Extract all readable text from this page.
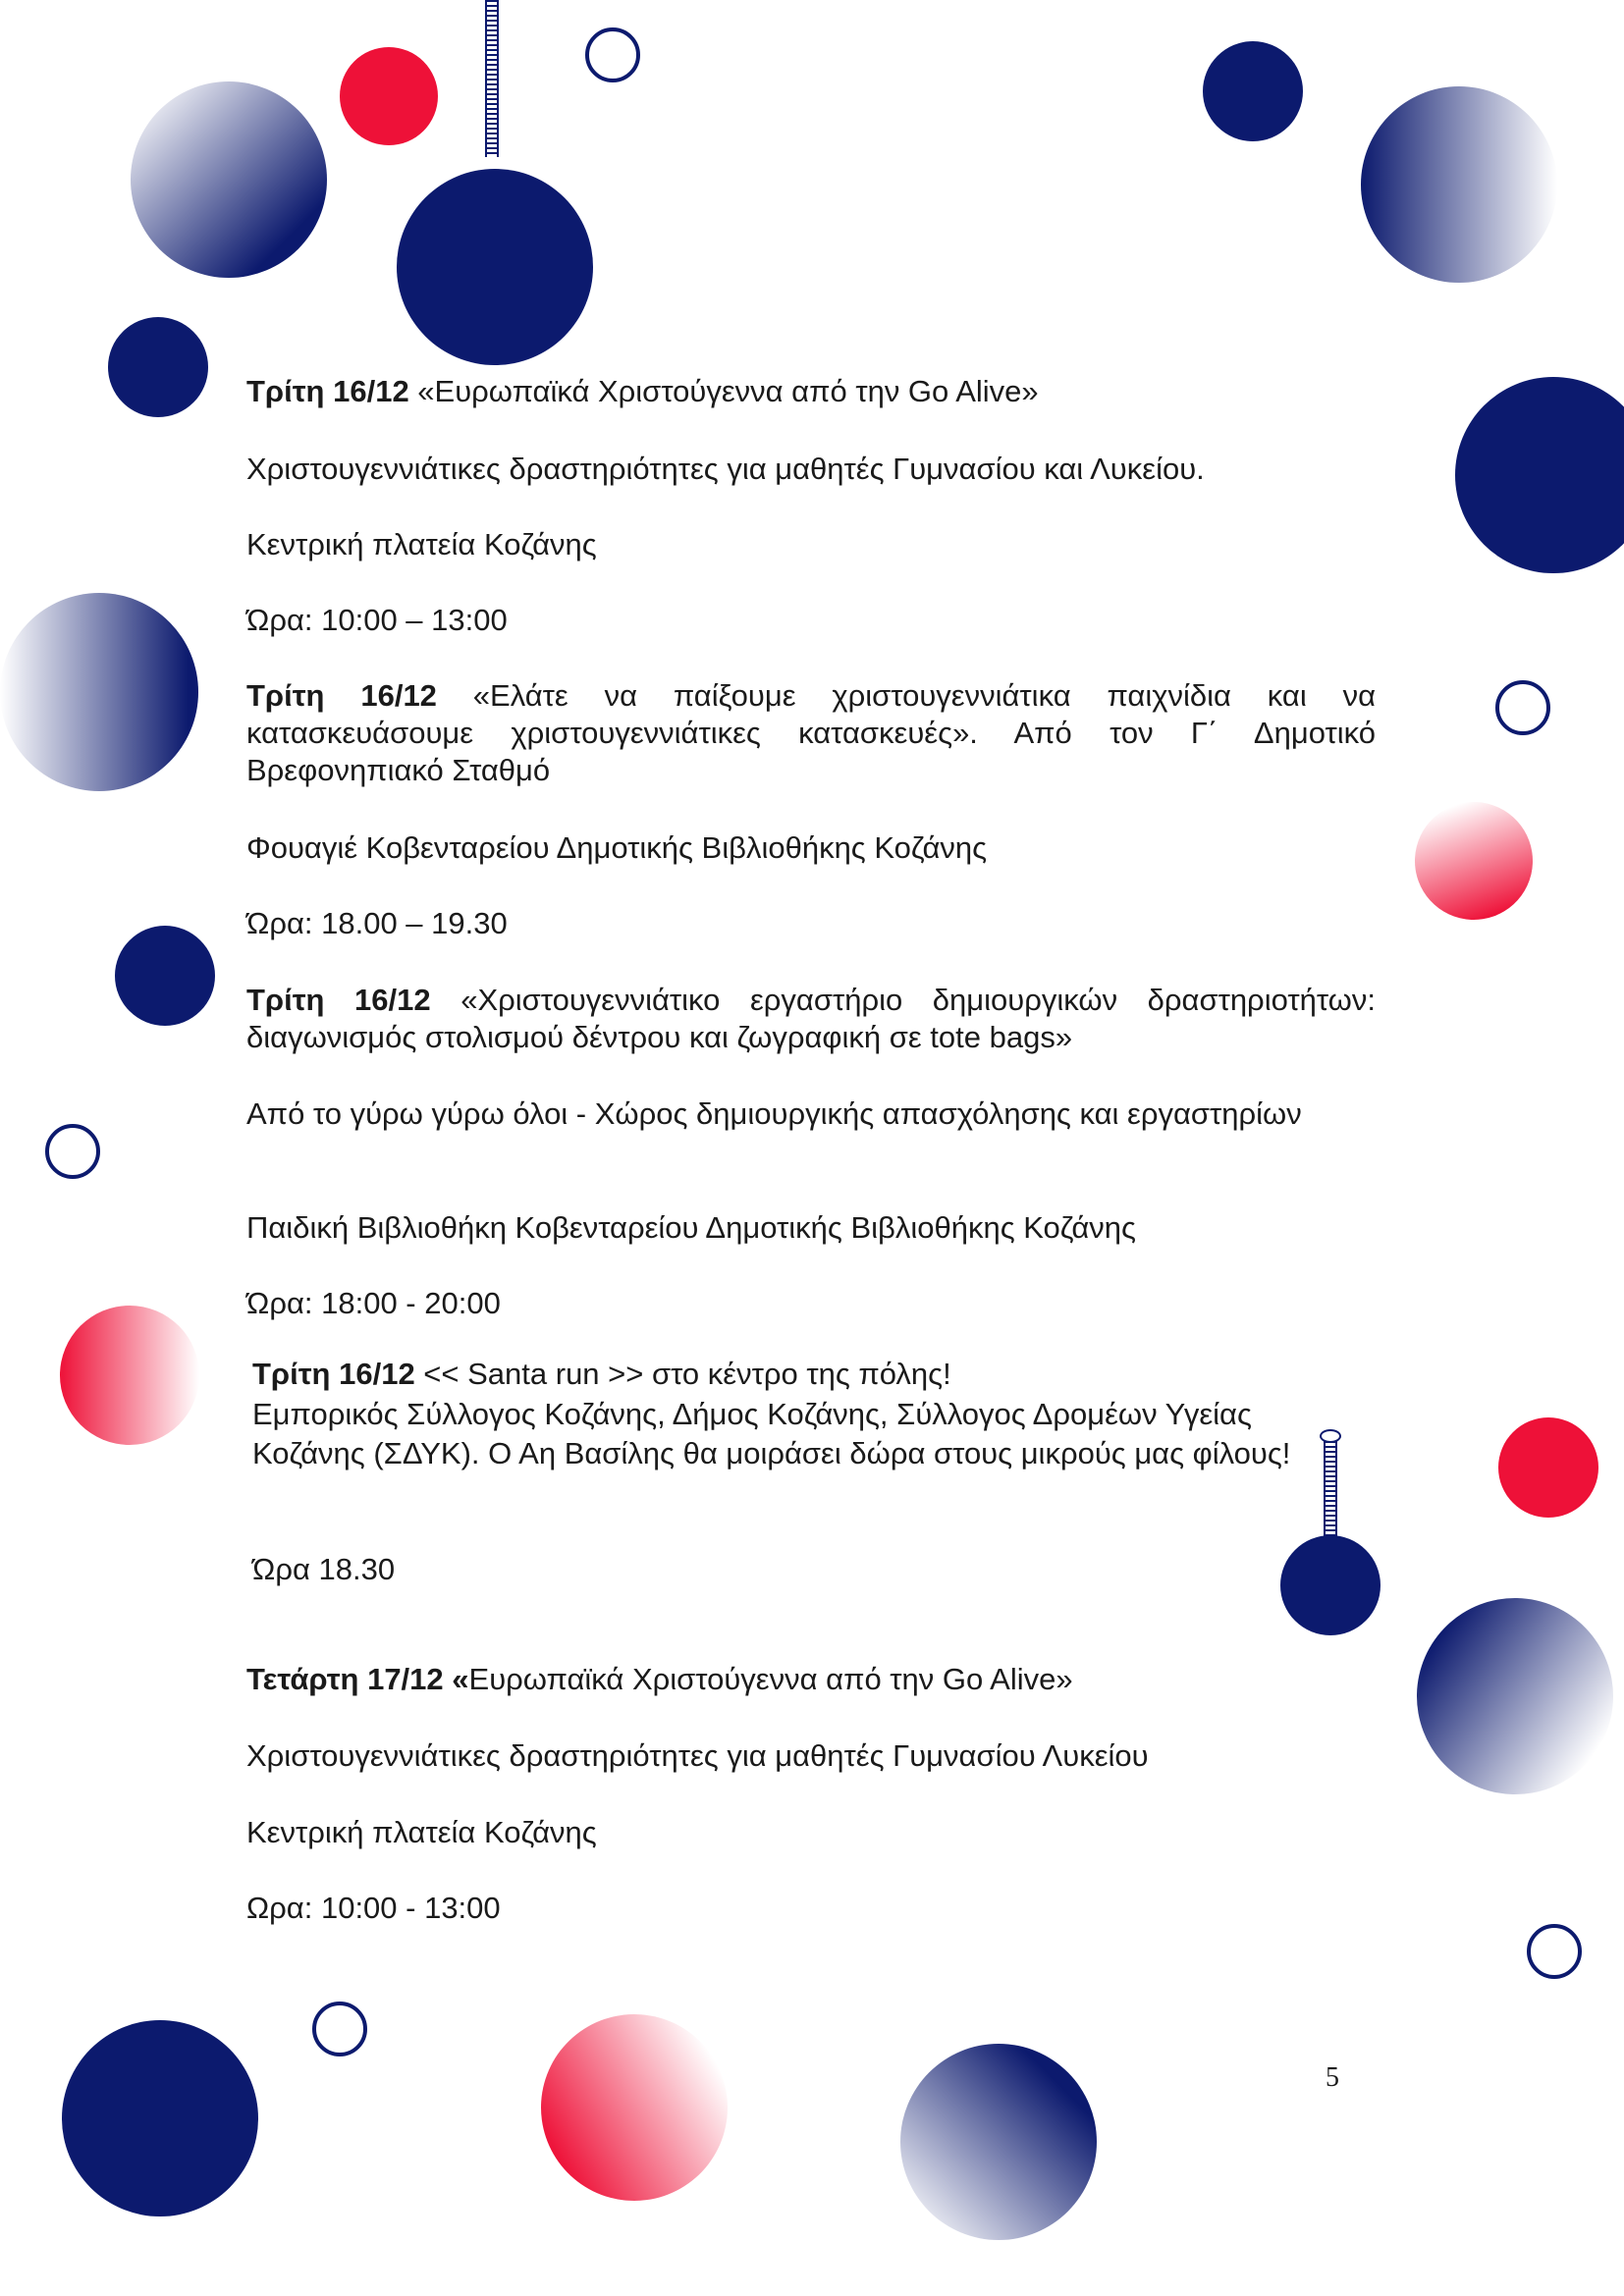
Τρίτη 16/12 «Ευρωπαϊκά Χριστούγεννα από την Go Alive»

Χριστουγεννιάτικες δραστηριότητες για μαθητές Γυμνασίου και Λυκείου.

Κεντρική πλατεία Κοζάνης

Ώρα: 10:00 – 13:00

Τρίτη 16/12 «Ελάτε να παίξουμε χριστουγεννιάτικα παιχνίδια και να κατασκευάσουμε χριστουγεννιάτικες κατασκευές». Από τον Γ΄ Δημοτικό Βρεφονηπιακό Σταθμό

Φουαγιέ Κοβενταρείου Δημοτικής Βιβλιοθήκης Κοζάνης

Ώρα: 18.00 – 19.30

Τρίτη 16/12 «Χριστουγεννιάτικο εργαστήριο δημιουργικών δραστηριοτήτων: διαγωνισμός στολισμού δέντρου και ζωγραφική σε tote bags»

Από το γύρω γύρω όλοι - Χώρος δημιουργικής απασχόλησης και εργαστηρίων

Παιδική Βιβλιοθήκη Κοβενταρείου Δημοτικής Βιβλιοθήκης Κοζάνης

Ώρα: 18:00 - 20:00

Τρίτη 16/12 << Santa run >> στο κέντρο της πόλης!

Εμπορικός Σύλλογος Κοζάνης, Δήμος Κοζάνης, Σύλλογος Δρομέων Υγείας Κοζάνης (ΣΔΥΚ). Ο Αη Βασίλης θα μοιράσει δώρα στους μικρούς μας φίλους!

Ώρα 18.30

Τετάρτη 17/12 «Ευρωπαϊκά Χριστούγεννα από την Go Alive»

Χριστουγεννιάτικες δραστηριότητες για μαθητές Γυμνασίου Λυκείου

Κεντρική πλατεία Κοζάνης

Ωρα: 10:00 - 13:00

5
